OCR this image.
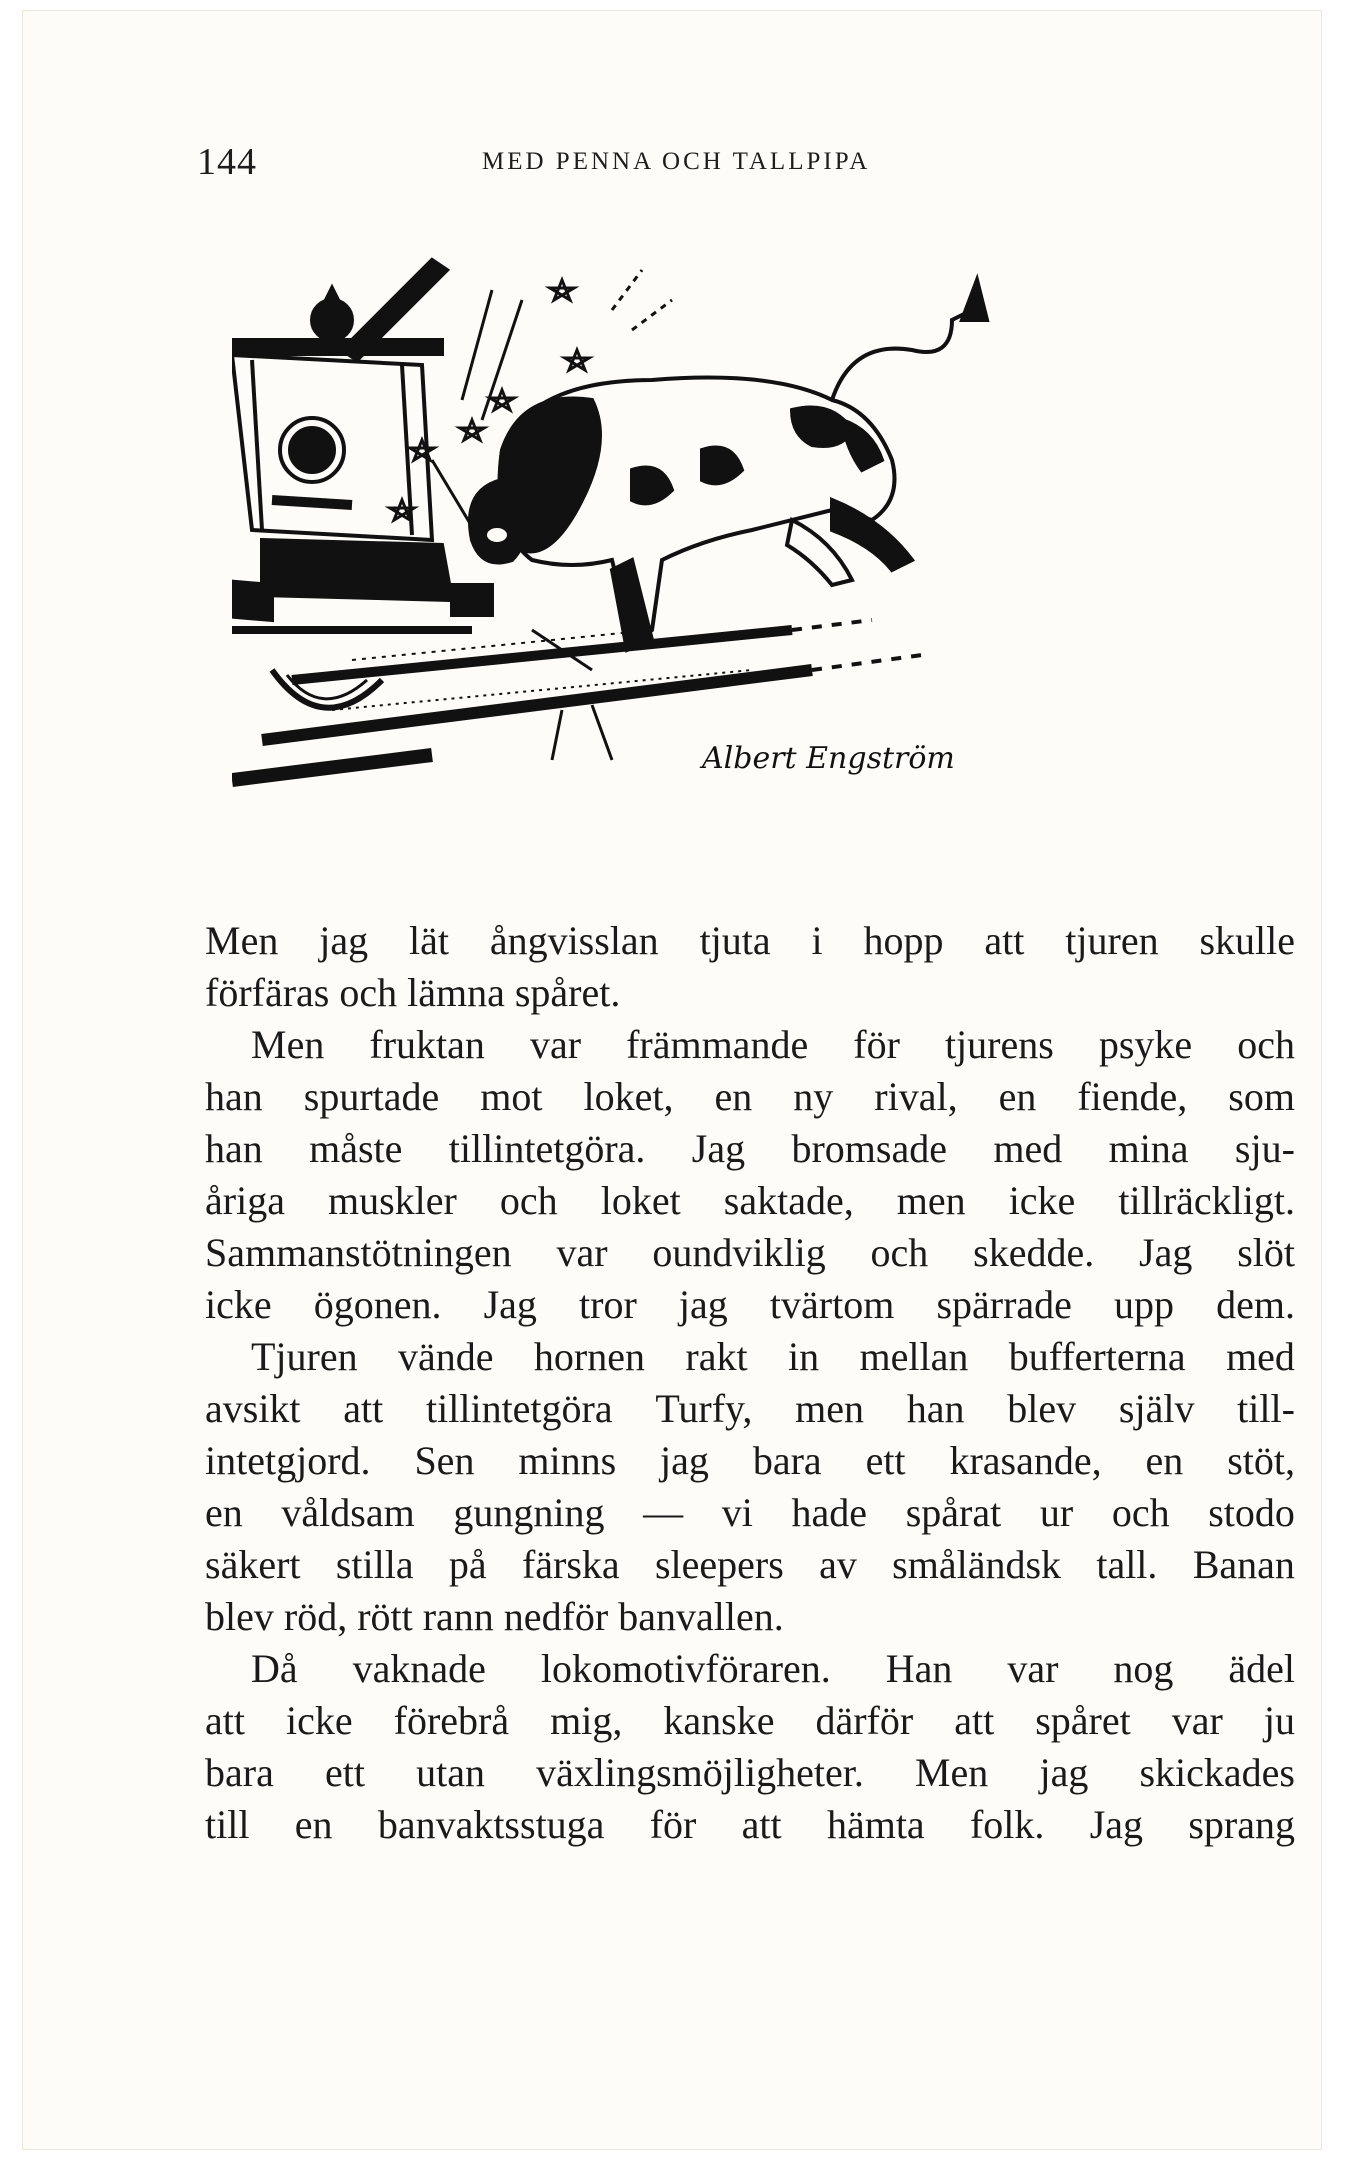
144	MED PENNA OCH TALLPIPA
Albert Engström
Men jag lät ångvisslan tjuta i hopp att tjuren skulle
förfäras och lämna spåret.
Men fruktan var främmande för tjurens psyke och
han spurtade mot loket, en ny rival, en fiende, som
han måste tillintetgöra. Jag bromsade med mina sju-
åriga muskler och loket saktade, men icke tillräckligt.
Sammanstötningen var oundviklig och skedde. Jag slöt
icke ögonen. Jag tror jag tvärtom spärrade upp dem.
Tjuren vände hornen rakt in mellan bufferterna med
avsikt att tillintetgöra Turfy, men han blev själv till-
intetgjord. Sen minns jag bara ett krasande, en stöt,
en våldsam gungning — vi hade spårat ur och stodo
säkert stilla på färska sleepers av småländsk tall. Banan
blev röd, rött rann nedför banvallen.
Då vaknade lokomotivföraren. Han var nog ädel
att icke förebrå mig, kanske därför att spåret var ju
bara ett utan växlingsmöjligheter. Men jag skickades
till en banvaktsstuga för att hämta folk. Jag sprang
